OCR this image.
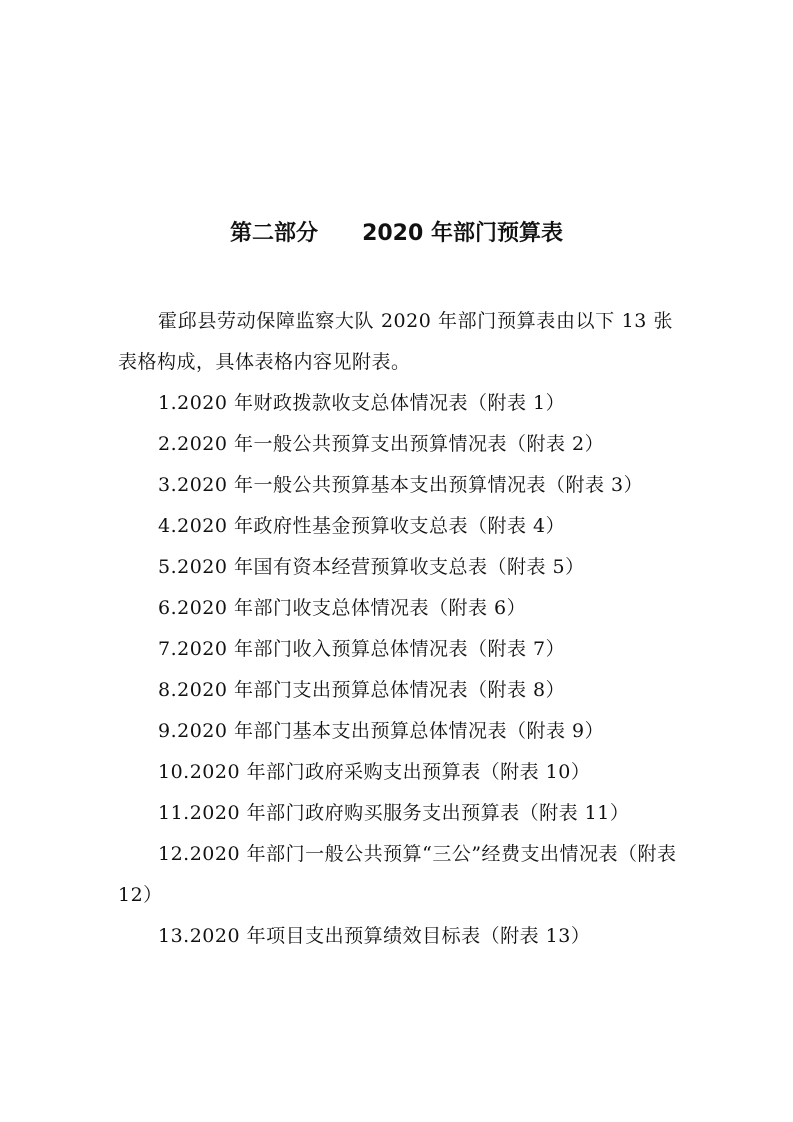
第二部分 2020 年部门预算表

霍邱县劳动保障监察大队 2020 年部门预算表由以下 13 张表格构成，具体表格内容见附表。

1.2020 年财政拨款收支总体情况表（附表 1）
2.2020 年一般公共预算支出预算情况表（附表 2）
3.2020 年一般公共预算基本支出预算情况表（附表 3）
4.2020 年政府性基金预算收支总表（附表 4）
5.2020 年国有资本经营预算收支总表（附表 5）
6.2020 年部门收支总体情况表（附表 6）
7.2020 年部门收入预算总体情况表（附表 7）
8.2020 年部门支出预算总体情况表（附表 8）
9.2020 年部门基本支出预算总体情况表（附表 9）
10.2020 年部门政府采购支出预算表（附表 10）
11.2020 年部门政府购买服务支出预算表（附表 11）
12.2020 年部门一般公共预算“三公”经费支出情况表（附表 12）
13.2020 年项目支出预算绩效目标表（附表 13）
